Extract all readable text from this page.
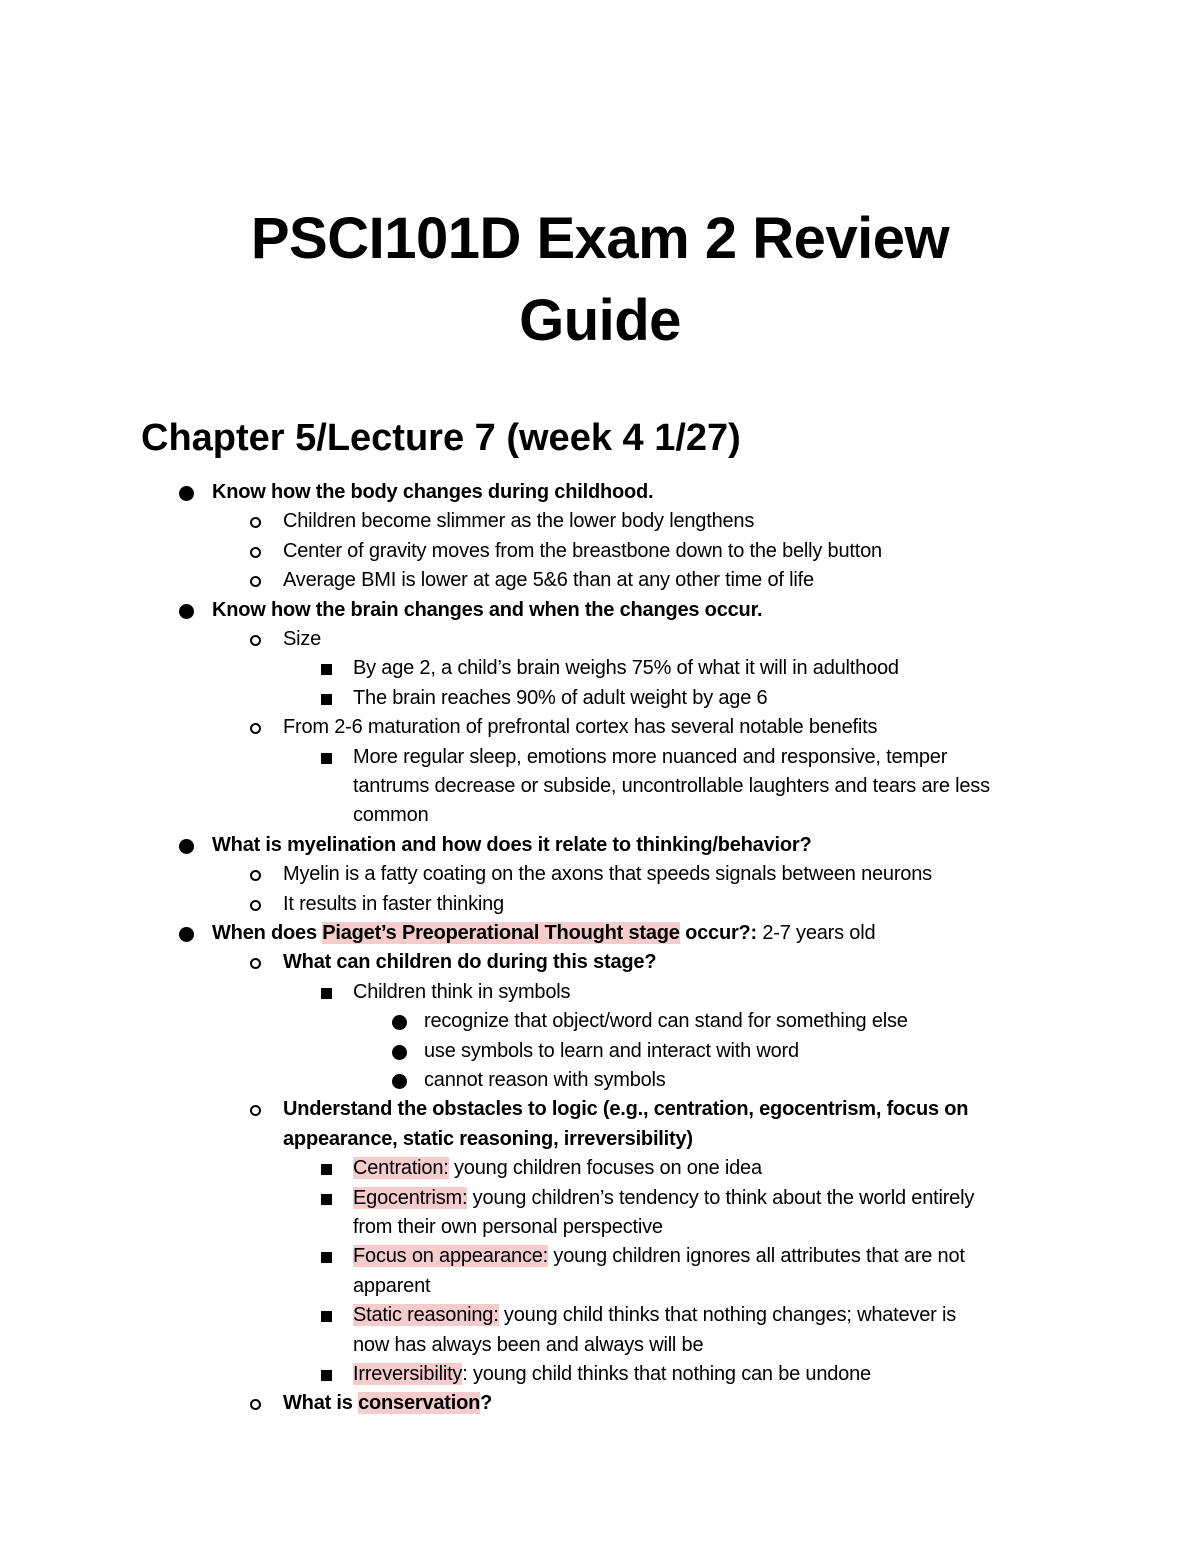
PSCI101D Exam 2 Review
Guide
Chapter 5/Lecture 7 (week 4 1/27)
Know how the body changes during childhood.
Children become slimmer as the lower body lengthens
Center of gravity moves from the breastbone down to the belly button
Average BMI is lower at age 5&6 than at any other time of life
Know how the brain changes and when the changes occur.
Size
By age 2, a child’s brain weighs 75% of what it will in adulthood
The brain reaches 90% of adult weight by age 6
From 2-6 maturation of prefrontal cortex has several notable benefits
More regular sleep, emotions more nuanced and responsive, temper
tantrums decrease or subside, uncontrollable laughters and tears are less
common
What is myelination and how does it relate to thinking/behavior?
Myelin is a fatty coating on the axons that speeds signals between neurons
It results in faster thinking
When does Piaget’s Preoperational Thought stage occur?: 2-7 years old
What can children do during this stage?
Children think in symbols
recognize that object/word can stand for something else
use symbols to learn and interact with word
cannot reason with symbols
Understand the obstacles to logic (e.g., centration, egocentrism, focus on
appearance, static reasoning, irreversibility)
Centration: young children focuses on one idea
Egocentrism: young children’s tendency to think about the world entirely
from their own personal perspective
Focus on appearance: young children ignores all attributes that are not
apparent
Static reasoning: young child thinks that nothing changes; whatever is
now has always been and always will be
Irreversibility: young child thinks that nothing can be undone
What is conservation?
